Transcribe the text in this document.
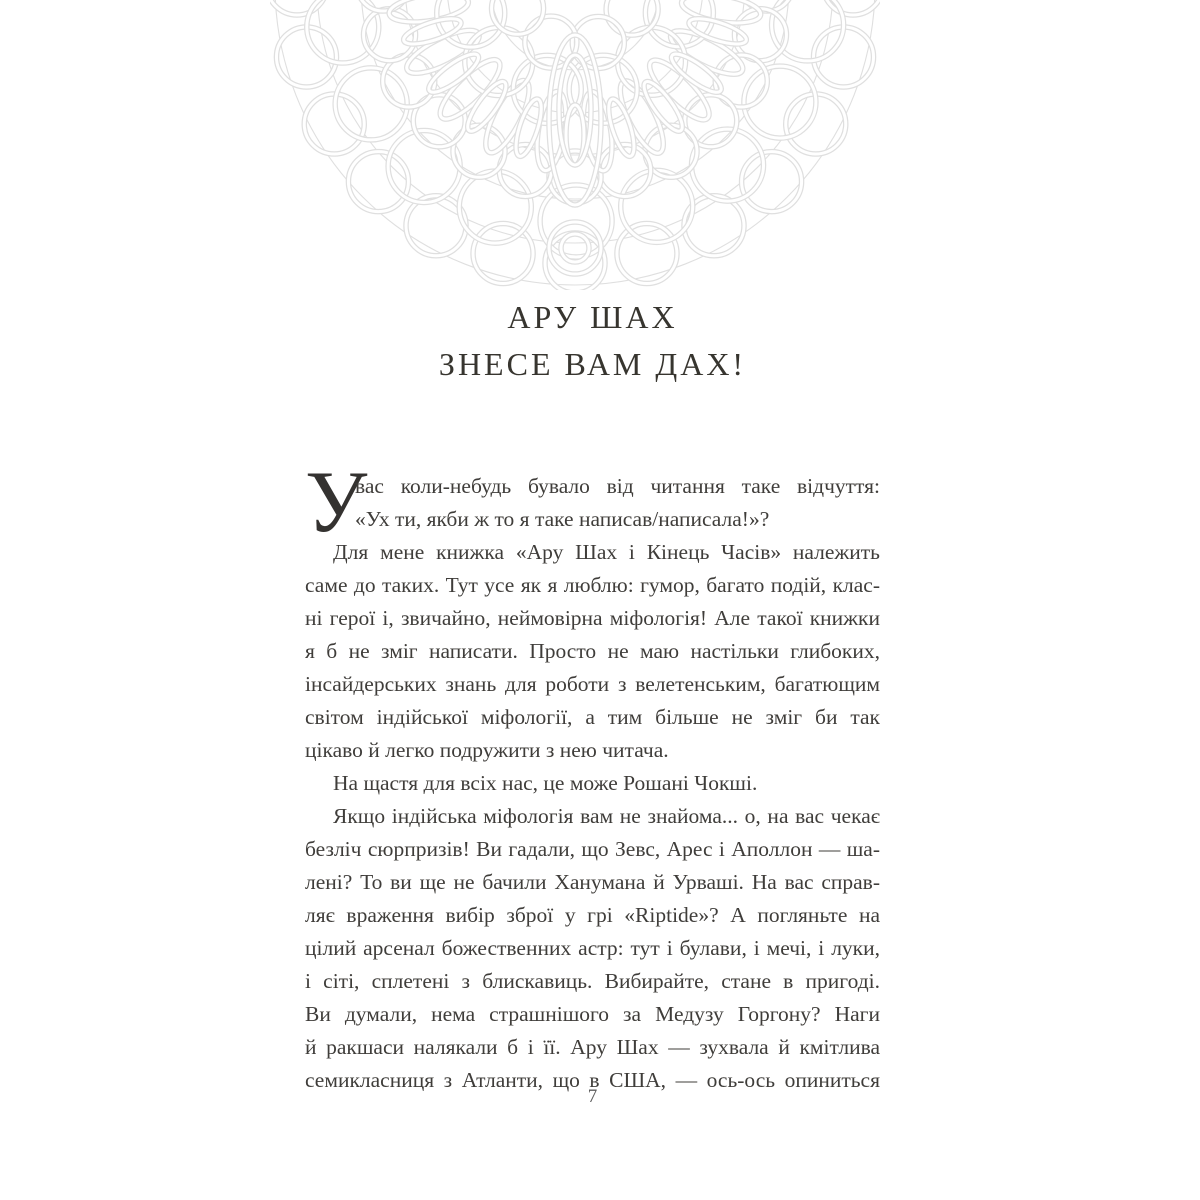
АРУ ШАХ
ЗНЕСЕ ВАМ ДАХ!

У
вас коли-небудь бувало від читання таке відчуття:
«Ух ти, якби ж то я таке написав/написала!»?

Для мене книжка «Ару Шах і Кінець Часів» належить
саме до таких. Тут усе як я люблю: гумор, багато подій, клас-
ні герої і, звичайно, неймовірна міфологія! Але такої книжки
я б не зміг написати. Просто не маю настільки глибоких,
інсайдерських знань для роботи з велетенським, багатющим
світом індійської міфології, а тим більше не зміг би так
цікаво й легко подружити з нею читача.

На щастя для всіх нас, це може Рошані Чокші.

Якщо індійська міфологія вам не знайома... о, на вас чекає
безліч сюрпризів! Ви гадали, що Зевс, Арес і Аполлон — ша-
лені? То ви ще не бачили Ханумана й Урваші. На вас справ-
ляє враження вибір зброї у грі «Riptide»? А погляньте на
цілий арсенал божественних астр: тут і булави, і мечі, і луки,
і сіті, сплетені з блискавиць. Вибирайте, стане в пригоді.
Ви думали, нема страшнішого за Медузу Горгону? Наги
й ракшаси налякали б і її. Ару Шах — зухвала й кмітлива
семикласниця з Атланти, що в США, — ось-ось опиниться

7
